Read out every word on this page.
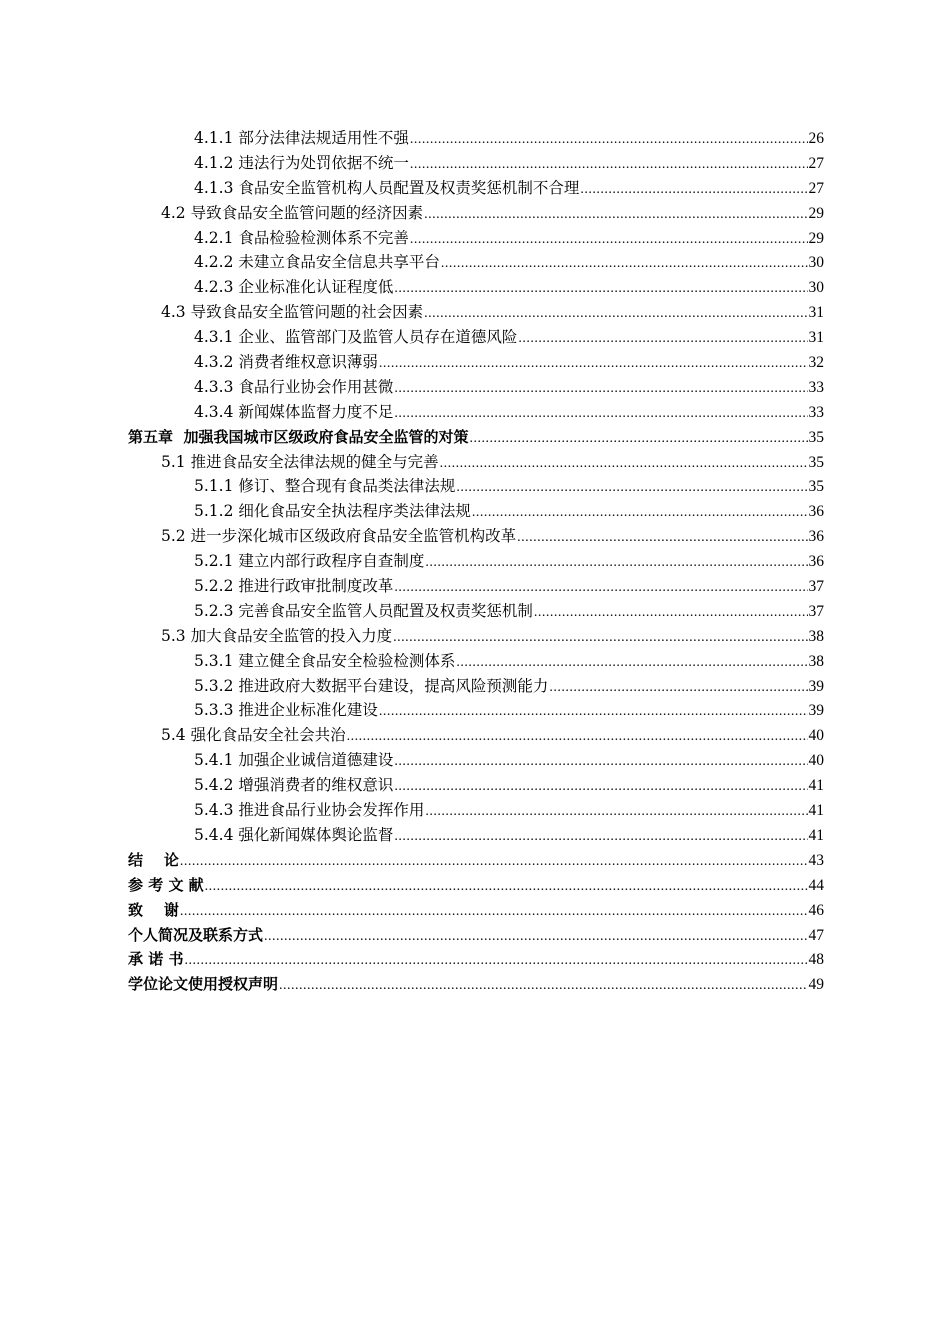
4.1.1 部分法律法规适用性不强 .....	26
4.1.2 违法行为处罚依据不统一 .....	27
4.1.3 食品安全监管机构人员配置及权责奖惩机制不合理 .....	27
4.2 导致食品安全监管问题的经济因素 .....	29
4.2.1 食品检验检测体系不完善 .....	29
4.2.2 未建立食品安全信息共享平台 .....	30
4.2.3 企业标准化认证程度低 .....	30
4.3 导致食品安全监管问题的社会因素 .....	31
4.3.1 企业、监管部门及监管人员存在道德风险 .....	31
4.3.2 消费者维权意识薄弱 .....	32
4.3.3 食品行业协会作用甚微 .....	33
4.3.4 新闻媒体监督力度不足 .....	33
第五章  加强我国城市区级政府食品安全监管的对策 .....	35
5.1 推进食品安全法律法规的健全与完善 .....	35
5.1.1 修订、整合现有食品类法律法规 .....	35
5.1.2 细化食品安全执法程序类法律法规 .....	36
5.2 进一步深化城市区级政府食品安全监管机构改革 .....	36
5.2.1 建立内部行政程序自查制度 .....	36
5.2.2 推进行政审批制度改革 .....	37
5.2.3 完善食品安全监管人员配置及权责奖惩机制 .....	37
5.3 加大食品安全监管的投入力度 .....	38
5.3.1 建立健全食品安全检验检测体系 .....	38
5.3.2 推进政府大数据平台建设，提高风险预测能力 .....	39
5.3.3 推进企业标准化建设 .....	39
5.4 强化食品安全社会共治 .....	40
5.4.1 加强企业诚信道德建设 .....	40
5.4.2 增强消费者的维权意识 .....	41
5.4.3 推进食品行业协会发挥作用 .....	41
5.4.4 强化新闻媒体舆论监督 .....	41
结    论 .....	43
参 考 文 献 .....	44
致    谢 .....	46
个人简况及联系方式 .....	47
承 诺 书 .....	48
学位论文使用授权声明 .....	49
